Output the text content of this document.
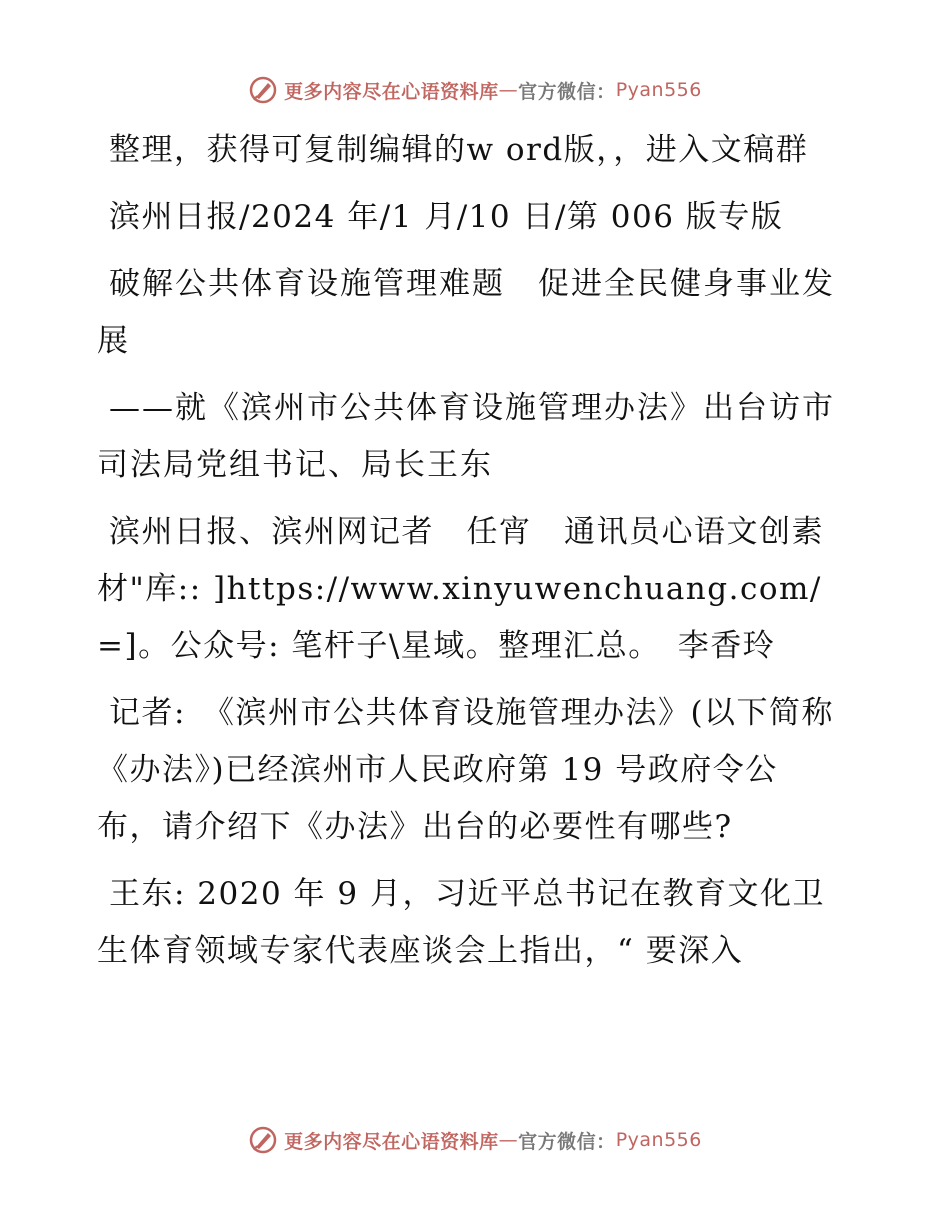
更多内容尽在心语资料库 — 官方微信： Pyan556

整理，获得可复制编辑的w ord版，，进入文稿群

滨州日报/2024 年/1 月/10 日/第 006 版专版

破解公共体育设施管理难题　促进全民健身事业发展

——就《滨州市公共体育设施管理办法》出台访市司法局党组书记、局长王东

滨州日报、滨州网记者　任宵　通讯员心语文创素材"库:: ]https://www.xinyuwenchuang.com/=]。公众号: 笔杆子\星域。整理汇总。　李香玲

记者:　《滨州市公共体育设施管理办法》(以下简称《办法》)已经滨州市人民政府第 19 号政府令公布，请介绍下《办法》出台的必要性有哪些?

王东: 2020 年 9 月，习近平总书记在教育文化卫生体育领域专家代表座谈会上指出，“ 要深入

更多内容尽在心语资料库 — 官方微信： Pyan556
